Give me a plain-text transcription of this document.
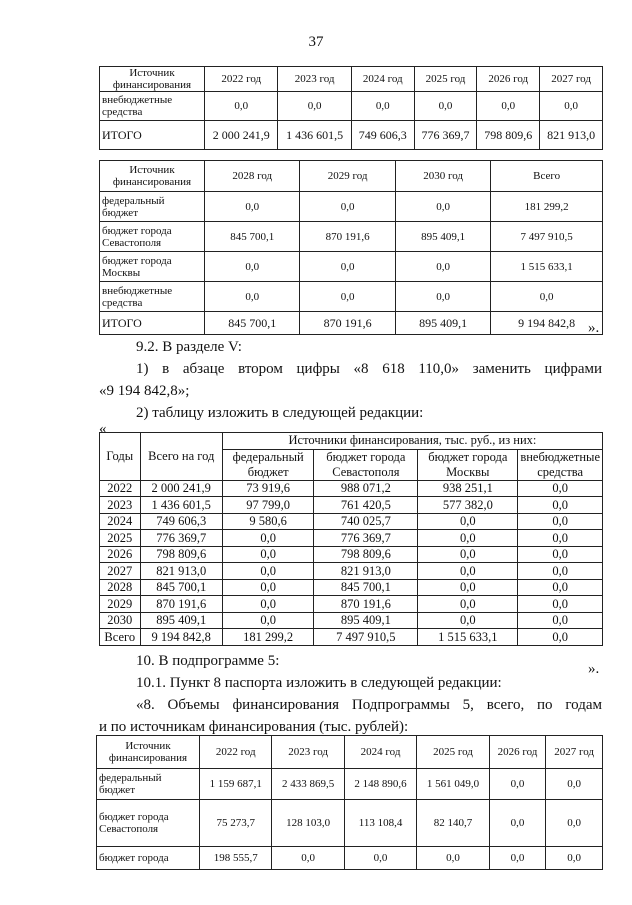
37
Источник финансирования	2022 год	2023 год	2024 год	2025 год	2026 год	2027 год
внебюджетные средства	0,0	0,0	0,0	0,0	0,0	0,0
ИТОГО	2 000 241,9	1 436 601,5	749 606,3	776 369,7	798 809,6	821 913,0
Источник финансирования	2028 год	2029 год	2030 год	Всего
федеральный бюджет	0,0	0,0	0,0	181 299,2
бюджет города Севастополя	845 700,1	870 191,6	895 409,1	7 497 910,5
бюджет города Москвы	0,0	0,0	0,0	1 515 633,1
внебюджетные средства	0,0	0,0	0,0	0,0
ИТОГО	845 700,1	870 191,6	895 409,1	9 194 842,8 ».
9.2. В разделе V:
1) в абзаце втором цифры «8 618 110,0» заменить цифрами
«9 194 842,8»;
2) таблицу изложить в следующей редакции:
«
Годы	Всего на год	Источники финансирования, тыс. руб., из них:			
		федеральный бюджет	бюджет города Севастополя	бюджет города Москвы	внебюджетные средства
2022	2 000 241,9	73 919,6	988 071,2	938 251,1	0,0
2023	1 436 601,5	97 799,0	761 420,5	577 382,0	0,0
2024	749 606,3	9 580,6	740 025,7	0,0	0,0
2025	776 369,7	0,0	776 369,7	0,0	0,0
2026	798 809,6	0,0	798 809,6	0,0	0,0
2027	821 913,0	0,0	821 913,0	0,0	0,0
2028	845 700,1	0,0	845 700,1	0,0	0,0
2029	870 191,6	0,0	870 191,6	0,0	0,0
2030	895 409,1	0,0	895 409,1	0,0	0,0
Всего	9 194 842,8	181 299,2	7 497 910,5	1 515 633,1	0,0
».
10. В подпрограмме 5:
10.1. Пункт 8 паспорта изложить в следующей редакции:
«8. Объемы финансирования Подпрограммы 5, всего, по годам
и по источникам финансирования (тыс. рублей):
Источник финансирования	2022 год	2023 год	2024 год	2025 год	2026 год	2027 год
федеральный бюджет	1 159 687,1	2 433 869,5	2 148 890,6	1 561 049,0	0,0	0,0
бюджет города Севастополя	75 273,7	128 103,0	113 108,4	82 140,7	0,0	0,0
бюджет города	198 555,7	0,0	0,0	0,0	0,0	0,0
